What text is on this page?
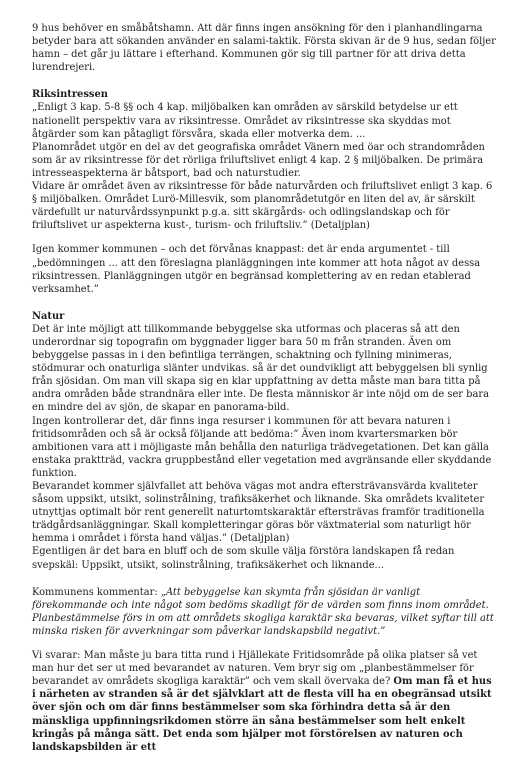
9 hus behöver en småbåtshamn. Att där finns ingen ansökning för den i planhandlingarna betyder bara att sökanden använder en salami-taktik. Första skivan är de 9 hus, sedan följer hamn – det går ju lättare i efterhand. Kommunen gör sig till partner för att driva detta lurendrejeri.

Riksintressen

„Enligt 3 kap. 5-8 §§ och 4 kap. miljöbalken kan områden av särskild betydelse ur ett nationellt perspektiv vara av riksintresse. Området av riksintresse ska skyddas mot åtgärder som kan påtagligt försvåra, skada eller motverka dem. ...

Planområdet utgör en del av det geografiska området Vänern med öar och strandområden som är av riksintresse för det rörliga friluftslivet enligt 4 kap. 2 § miljöbalken. De primära intresseaspekterna är båtsport, bad och naturstudier.

Vidare är området även av riksintresse för både naturvården och friluftslivet enligt 3 kap. 6 § miljöbalken. Området Lurö-Millesvik, som planområdetutgör en liten del av, är särskilt värdefullt ur naturvårdssynpunkt p.g.a. sitt skärgårds- och odlingslandskap och för friluftslivet ur aspekterna kust-, turism- och friluftsliv.” (Detaljplan)

Igen kommer kommunen – och det förvånas knappast: det är enda argumentet - till „bedömningen ... att den föreslagna planläggningen inte kommer att hota något av dessa riksintressen. Planläggningen utgör en begränsad komplettering av en redan etablerad verksamhet.”

Natur

Det är inte möjligt att tillkommande bebyggelse ska utformas och placeras så att den underordnar sig topografin om byggnader ligger bara 50 m från stranden. Även om bebyggelse passas in i den befintliga terrängen, schaktning och fyllning minimeras, stödmurar och onaturliga slänter undvikas. så är det oundvikligt att bebyggelsen bli synlig från sjösidan. Om man vill skapa sig en klar uppfattning av detta måste man bara titta på andra områden både strandnära eller inte. De flesta människor är inte nöjd om de ser bara en mindre del av sjön, de skapar en panorama-bild.

Ingen kontrollerar det, där finns inga resurser i kommunen för att bevara naturen i fritidsområden och så är också följande att bedöma:” Även inom kvartersmarken bör ambitionen vara att i möjligaste mån behålla den naturliga trädvegetationen. Det kan gälla enstaka praktträd, vackra gruppbestånd eller vegetation med avgränsande eller skyddande funktion.

Bevarandet kommer självfallet att behöva vägas mot andra eftersträvansvärda kvaliteter såsom uppsikt, utsikt, solinstrålning, trafiksäkerhet och liknande. Ska områdets kvaliteter utnyttjas optimalt bör rent generellt naturtomtskaraktär eftersträvas framför traditionella trädgårdsanläggningar. Skall kompletteringar göras bör växtmaterial som naturligt hör hemma i området i första hand väljas.” (Detaljplan)

Egentligen är det bara en bluff och de som skulle välja förstöra landskapen få redan svepskäl: Uppsikt, utsikt, solinstrålning, trafiksäkerhet och liknande...

Kommunens kommentar: „Att bebyggelse kan skymta från sjösidan är vanligt förekommande och inte något som bedöms skadligt för de värden som finns inom området. Planbestämmelse förs in om att områdets skogliga karaktär ska bevaras, vilket syftar till att minska risken för avverkningar som påverkar landskapsbild negativt.”

Vi svarar: Man måste ju bara titta rund i Hjällekate Fritidsområde på olika platser så vet man hur det ser ut med bevarandet av naturen. Vem bryr sig om „planbestämmelser för bevarandet av områdets skogliga karaktär” och vem skall övervaka de? Om man få et hus i närheten av stranden så är det självklart att de flesta vill ha en obegränsad utsikt över sjön och om där finns bestämmelser som ska förhindra detta så är den mänskliga uppfinningsrikdomen större än såna bestämmelser som helt enkelt kringås på många sätt. Det enda som hjälper mot förstörelsen av naturen och landskapsbilden är ett
